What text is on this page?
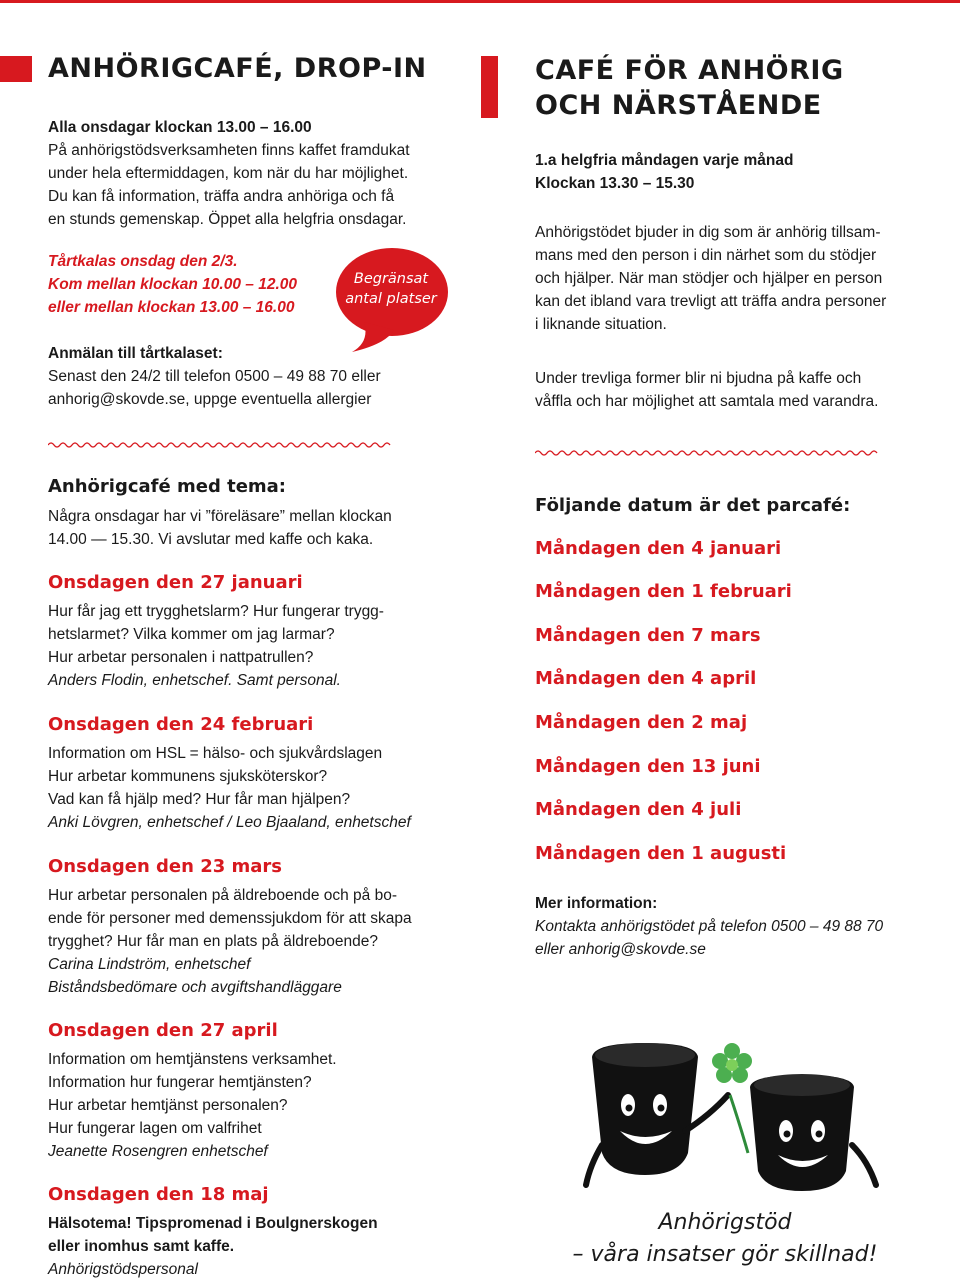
ANHÖRIGCAFÉ, DROP-IN

Alla onsdagar klockan 13.00 – 16.00

På anhörigstödsverksamheten finns kaffet framdukat

under hela eftermiddagen, kom när du har möjlighet.

Du kan få information, träffa andra anhöriga och få

en stunds gemenskap. Öppet alla helgfria onsdagar.

Tårtkalas onsdag den 2/3.

Kom mellan klockan 10.00 – 12.00

eller mellan klockan 13.00 – 16.00

Begränsat
antal platser

Anmälan till tårtkalaset:

Senast den 24/2 till telefon 0500 – 49 88 70 eller

anhorig@skovde.se, uppge eventuella allergier

CAFÉ FÖR ANHÖRIG
OCH NÄRSTÅENDE

1.a helgfria måndagen varje månad

Klockan 13.30 – 15.30

Anhörigstödet bjuder in dig som är anhörig tillsam-

mans med den person i din närhet som du stödjer

och hjälper. När man stödjer och hjälper en person

kan det ibland vara trevligt att träffa andra personer

i liknande situation.

Under trevliga former blir ni bjudna på kaffe och

våffla och har möjlighet att samtala med varandra.

Anhörigcafé med tema:

Några onsdagar har vi ”föreläsare” mellan klockan

14.00 — 15.30. Vi avslutar med kaffe och kaka.

Onsdagen den 27 januari

Hur får jag ett trygghetslarm? Hur fungerar trygg-

hetslarmet? Vilka kommer om jag larmar?

Hur arbetar personalen i nattpatrullen?

Anders Flodin, enhetschef. Samt personal.

Onsdagen den 24 februari

Information om HSL = hälso- och sjukvårdslagen

Hur arbetar kommunens sjuksköterskor?

Vad kan få hjälp med? Hur får man hjälpen?

Anki Lövgren, enhetschef / Leo Bjaaland, enhetschef

Onsdagen den 23 mars

Hur arbetar personalen på äldreboende och på bo-

ende för personer med demenssjukdom för att skapa

trygghet? Hur får man en plats på äldreboende?

Carina Lindström, enhetschef

Biståndsbedömare och avgiftshandläggare

Onsdagen den 27 april

Information om hemtjänstens verksamhet.

Information hur fungerar hemtjänsten?

Hur arbetar hemtjänst personalen?

Hur fungerar lagen om valfrihet

Jeanette Rosengren enhetschef

Onsdagen den 18 maj

Hälsotema! Tipspromenad i Boulgnerskogen

eller inomhus samt kaffe.

Anhörigstödspersonal

Följande datum är det parcafé:

Måndagen den 4 januari

Måndagen den 1 februari

Måndagen den 7 mars

Måndagen den 4 april

Måndagen den 2 maj

Måndagen den 13 juni

Måndagen den 4 juli

Måndagen den 1 augusti

Mer information:

Kontakta anhörigstödet på telefon 0500 – 49 88 70

eller anhorig@skovde.se

Anhörigstöd
– våra insatser gör skillnad!
